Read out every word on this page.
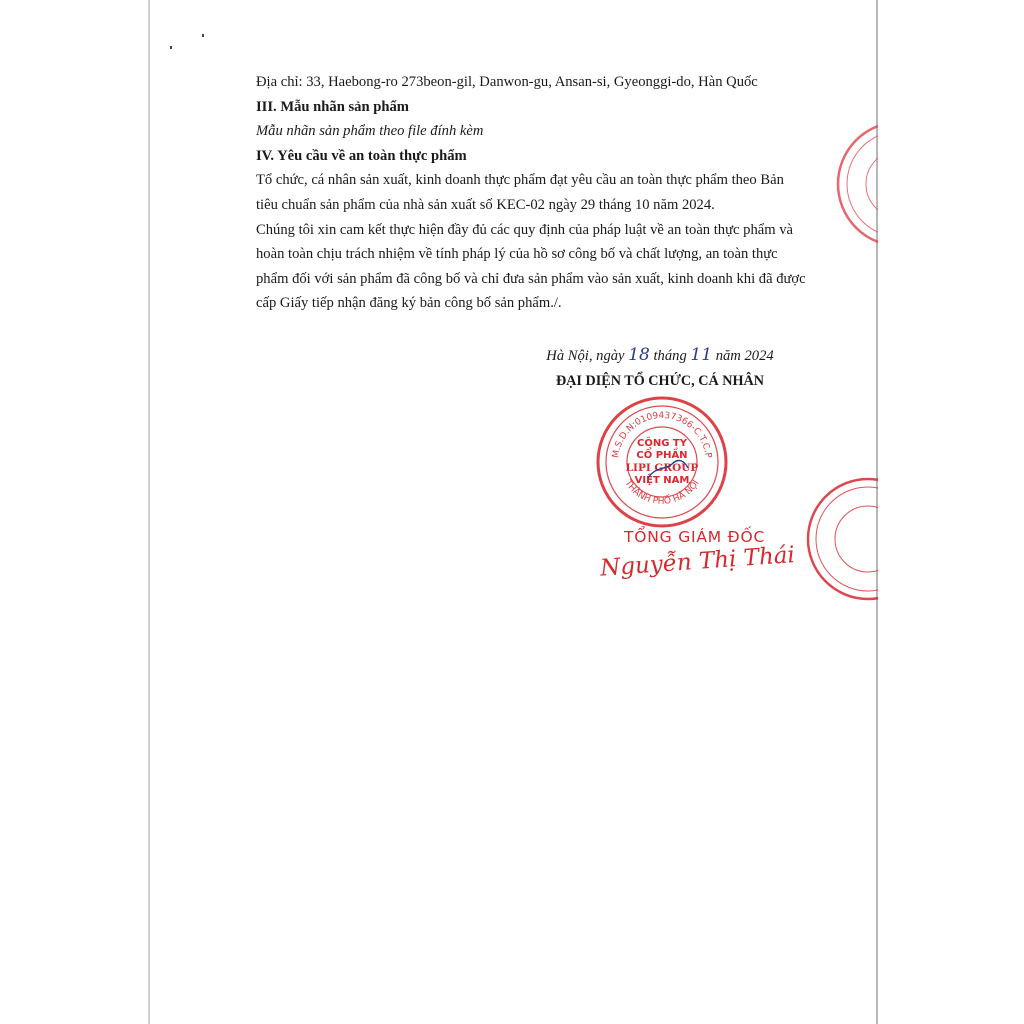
Địa chỉ: 33, Haebong-ro 273beon-gil, Danwon-gu, Ansan-si, Gyeonggi-do, Hàn Quốc

III. Mẫu nhãn sản phẩm

Mẫu nhãn sản phẩm theo file đính kèm

IV. Yêu cầu về an toàn thực phẩm

Tổ chức, cá nhân sản xuất, kinh doanh thực phẩm đạt yêu cầu an toàn thực phẩm theo Bản

tiêu chuẩn sản phẩm của nhà sản xuất số KEC-02 ngày 29 tháng 10 năm 2024.

Chúng tôi xin cam kết thực hiện đầy đủ các quy định của pháp luật về an toàn thực phẩm và

hoàn toàn chịu trách nhiệm về tính pháp lý của hồ sơ công bố và chất lượng, an toàn thực

phẩm đối với sản phẩm đã công bố và chỉ đưa sản phẩm vào sản xuất, kinh doanh khi đã được

cấp Giấy tiếp nhận đăng ký bản công bố sản phẩm./.

Hà Nội, ngày 18 tháng 11 năm 2024
ĐẠI DIỆN TỔ CHỨC, CÁ NHÂN
M.S.D.N:0109437366-C.T.C.P
THÀNH PHỐ HÀ NỘI
CÔNG TY
CỔ PHẦN
LIPI GROUP
VIỆT NAM
TỔNG GIÁM ĐỐC
Nguyễn Thị Thái
